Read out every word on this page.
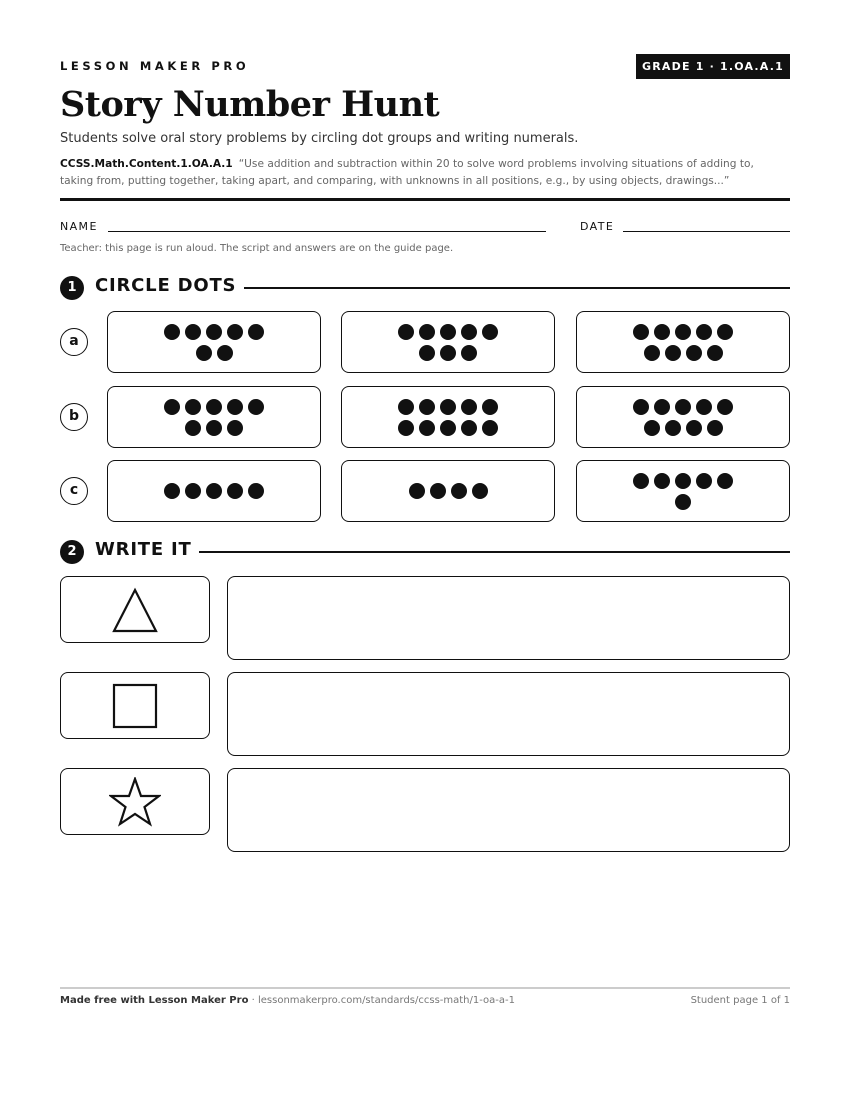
LESSON MAKER PRO	GRADE 1 · 1.OA.A.1
Story Number Hunt
Students solve oral story problems by circling dot groups and writing numerals.
CCSS.Math.Content.1.OA.A.1 “Use addition and subtraction within 20 to solve word problems involving situations of adding to, taking from, putting together, taking apart, and comparing, with unknowns in all positions, e.g., by using objects, drawings...”
NAME	DATE
Teacher: this page is run aloud. The script and answers are on the guide page.
1	CIRCLE DOTS
a
b
c
2	WRITE IT
Made free with Lesson Maker Pro · lessonmakerpro.com/standards/ccss-math/1-oa-a-1	Student page 1 of 1
